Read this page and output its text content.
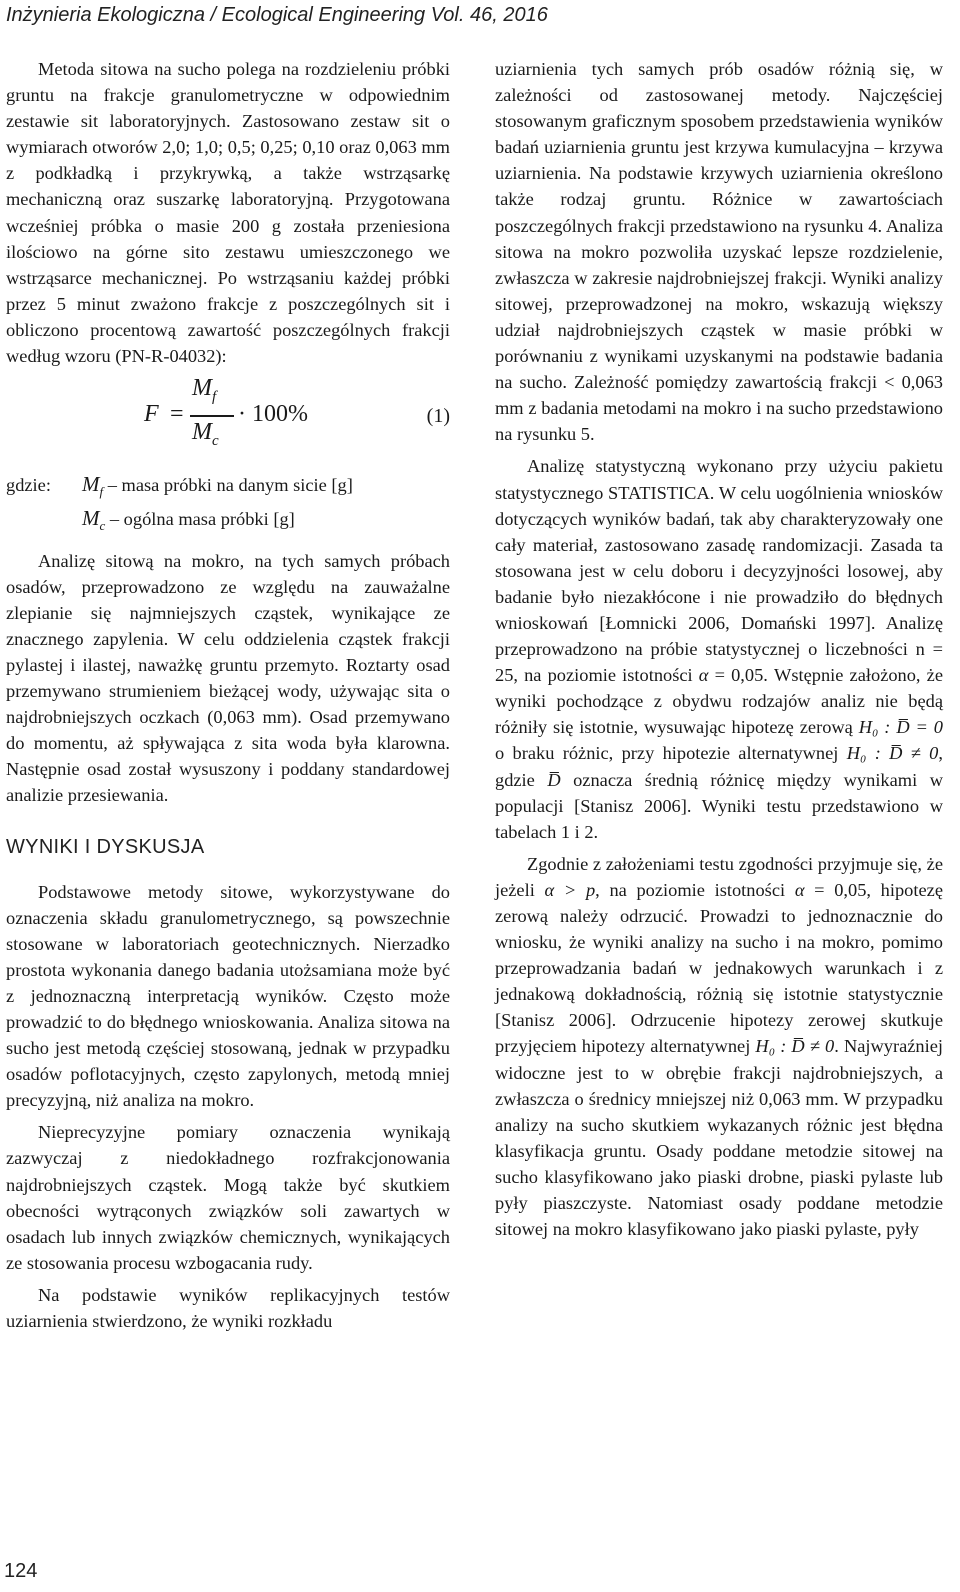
Inżynieria Ekologiczna / Ecological Engineering Vol. 46, 2016

Metoda sitowa na sucho polega na rozdzieleniu próbki gruntu na frakcje granulometryczne w odpowiednim zestawie sit laboratoryjnych. Zastosowano zestaw sit o wymiarach otworów 2,0; 1,0; 0,5; 0,25; 0,10 oraz 0,063 mm z podkładką i przykrywką, a także wstrząsarkę mechaniczną oraz suszarkę laboratoryjną. Przygotowana wcześniej próbka o masie 200 g została przeniesiona ilościowo na górne sito zestawu umieszczonego we wstrząsarce mechanicznej. Po wstrząsaniu każdej próbki przez 5 minut zważono frakcje z poszczególnych sit i obliczono procentową zawartość poszczególnych frakcji według wzoru (PN-R-04032):

F =
$M_f$
$M_c$
· 100%	(1)
gdzie: $M_f$ – masa próbki na danym sicie [g]
$M_c$ – ogólna masa próbki [g]

Analizę sitową na mokro, na tych samych próbach osadów, przeprowadzono ze względu na zauważalne zlepianie się najmniejszych cząstek, wynikające ze znacznego zapylenia. W celu oddzielenia cząstek frakcji pylastej i ilastej, naważkę gruntu przemyto. Roztarty osad przemywano strumieniem bieżącej wody, używając sita o najdrobniejszych oczkach (0,063 mm). Osad przemywano do momentu, aż spływająca z sita woda była klarowna. Następnie osad został wysuszony i poddany standardowej analizie przesiewania.

WYNIKI I DYSKUSJA

Podstawowe metody sitowe, wykorzystywane do oznaczenia składu granulometrycznego, są powszechnie stosowane w laboratoriach geotechnicznych. Nierzadko prostota wykonania danego badania utożsamiana może być z jednoznaczną interpretacją wyników. Często może prowadzić to do błędnego wnioskowania. Analiza sitowa na sucho jest metodą częściej stosowaną, jednak w przypadku osadów poflotacyjnych, często zapylonych, metodą mniej precyzyjną, niż analiza na mokro.

Nieprecyzyjne pomiary oznaczenia wynikają zazwyczaj z niedokładnego rozfrakcjonowania najdrobniejszych cząstek. Mogą także być skutkiem obecności wytrąconych związków soli zawartych w osadach lub innych związków chemicznych, wynikających ze stosowania procesu wzbogacania rudy.

Na podstawie wyników replikacyjnych testów uziarnienia stwierdzono, że wyniki rozkładu

uziarnienia tych samych prób osadów różnią się, w zależności od zastosowanej metody. Najczęściej stosowanym graficznym sposobem przedstawienia wyników badań uziarnienia gruntu jest krzywa kumulacyjna – krzywa uziarnienia. Na podstawie krzywych uziarnienia określono także rodzaj gruntu. Różnice w zawartościach poszczególnych frakcji przedstawiono na rysunku 4. Analiza sitowa na mokro pozwoliła uzyskać lepsze rozdzielenie, zwłaszcza w zakresie najdrobniejszej frakcji. Wyniki analizy sitowej, przeprowadzonej na mokro, wskazują większy udział najdrobniejszych cząstek w masie próbki w porównaniu z wynikami uzyskanymi na podstawie badania na sucho. Zależność pomiędzy zawartością frakcji < 0,063 mm z badania metodami na mokro i na sucho przedstawiono na rysunku 5.

Analizę statystyczną wykonano przy użyciu pakietu statystycznego STATISTICA. W celu uogólnienia wniosków dotyczących wyników badań, tak aby charakteryzowały one cały materiał, zastosowano zasadę randomizacji. Zasada ta stosowana jest w celu doboru i decyzyjności losowej, aby badanie było niezakłócone i nie prowadziło do błędnych wnioskowań [Łomnicki 2006, Domański 1997]. Analizę przeprowadzono na próbie statystycznej o liczebności n = 25, na poziomie istotności α = 0,05. Wstępnie założono, że wyniki pochodzące z obydwu rodzajów analiz nie będą różniły się istotnie, wysuwając hipotezę zerową H₀ : D̅ = 0 o braku różnic, przy hipotezie alternatywnej H₀ : D̅ ≠ 0, gdzie D̅ oznacza średnią różnicę między wynikami w populacji [Stanisz 2006]. Wyniki testu przedstawiono w tabelach 1 i 2.

Zgodnie z założeniami testu zgodności przyjmuje się, że jeżeli α > p, na poziomie istotności α = 0,05, hipotezę zerową należy odrzucić. Prowadzi to jednoznacznie do wniosku, że wyniki analizy na sucho i na mokro, pomimo przeprowadzania badań w jednakowych warunkach i z jednakową dokładnością, różnią się istotnie statystycznie [Stanisz 2006]. Odrzucenie hipotezy zerowej skutkuje przyjęciem hipotezy alternatywnej H₀ : D̅ ≠ 0. Najwyraźniej widoczne jest to w obrębie frakcji najdrobniejszych, a zwłaszcza o średnicy mniejszej niż 0,063 mm. W przypadku analizy na sucho skutkiem wykazanych różnic jest błędna klasyfikacja gruntu. Osady poddane metodzie sitowej na sucho klasyfikowano jako piaski drobne, piaski pylaste lub pyły piaszczyste. Natomiast osady poddane metodzie sitowej na mokro klasyfikowano jako piaski pylaste, pyły

124
